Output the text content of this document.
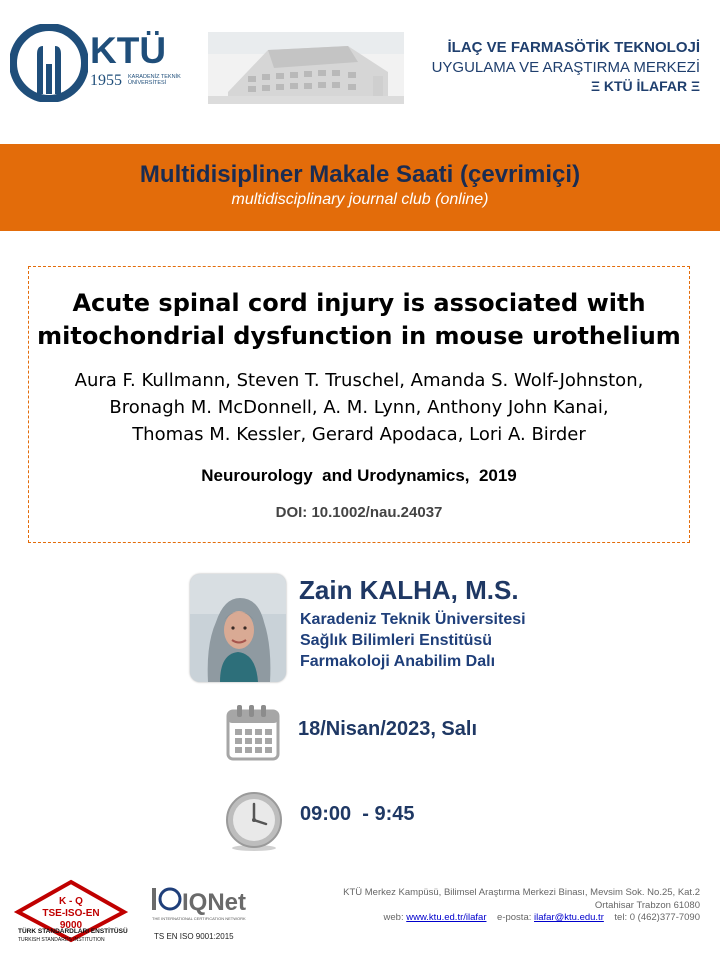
KTÜ
1955 KARADENİZ TEKNİK ÜNİVERSİTESİ
İLAÇ VE FARMASÖTİK TEKNOLOJİ
UYGULAMA VE ARAŞTIRMA MERKEZİ
Ξ KTÜ İLAFAR Ξ
Multidisipliner Makale Saati (çevrimiçi)
multidisciplinary journal club (online)
Acute spinal cord injury is associated with
mitochondrial dysfunction in mouse urothelium
Aura F. Kullmann, Steven T. Truschel, Amanda S. Wolf-Johnston,
Bronagh M. McDonnell, A. M. Lynn, Anthony John Kanai,
Thomas M. Kessler, Gerard Apodaca, Lori A. Birder
Neurourology  and Urodynamics,  2019
DOI: 10.1002/nau.24037
Zain KALHA, M.S.
Karadeniz Teknik Üniversitesi
Sağlık Bilimleri Enstitüsü
Farmakoloji Anabilim Dalı
18/Nisan/2023, Salı
09:00  - 9:45
K - Q
TSE-ISO-EN
9000
TÜRK STANDARDLARI ENSTİTÜSÜ
TURKISH STANDARDS INSTITUTION
IQNet
THE INTERNATIONAL CERTIFICATION NETWORK
TS EN ISO 9001:2015
KTÜ Merkez Kampüsü, Bilimsel Araştırma Merkezi Binası, Mevsim Sok. No.25, Kat.2
Ortahisar Trabzon 61080
web: www.ktu.ed.tr/ilafar e-posta: ilafar@ktu.edu.tr tel: 0 (462)377-7090
